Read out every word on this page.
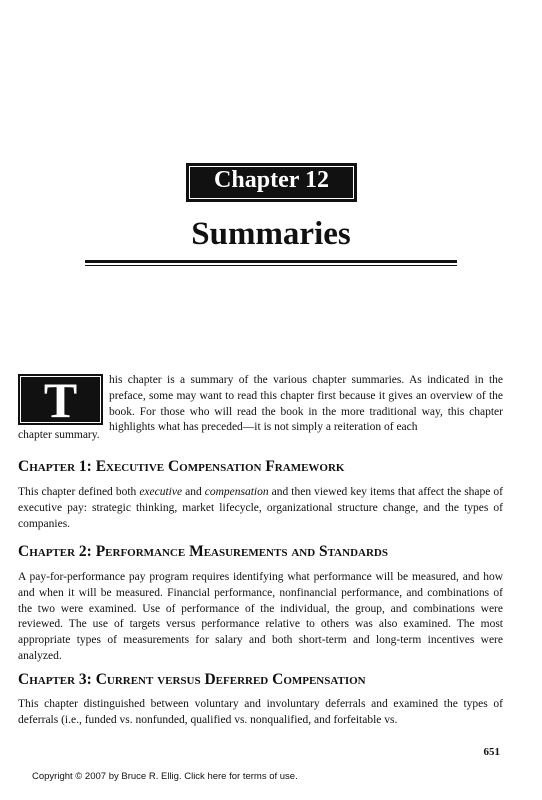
Chapter 12
Summaries
T	his chapter is a summary of the various chapter summaries. As indicated in the preface, some may want to read this chapter first because it gives an overview of the book. For those who will read the book in the more traditional way, this chapter highlights what has preceded—it is not simply a reiteration of each

chapter summary.

Chapter 1: Executive Compensation Framework

This chapter defined both executive and compensation and then viewed key items that affect the shape of executive pay: strategic thinking, market lifecycle, organizational structure change, and the types of companies.

Chapter 2: Performance Measurements and Standards

A pay-for-performance pay program requires identifying what performance will be measured, and how and when it will be measured. Financial performance, nonfinancial performance, and combinations of the two were examined. Use of performance of the individual, the group, and combinations were reviewed. The use of targets versus performance relative to others was also examined. The most appropriate types of measurements for salary and both short-term and long-term incentives were analyzed.

Chapter 3: Current versus Deferred Compensation

This chapter distinguished between voluntary and involuntary deferrals and examined the types of deferrals (i.e., funded vs. nonfunded, qualified vs. nonqualified, and forfeitable vs.

651
Copyright © 2007 by Bruce R. Ellig. Click here for terms of use.
